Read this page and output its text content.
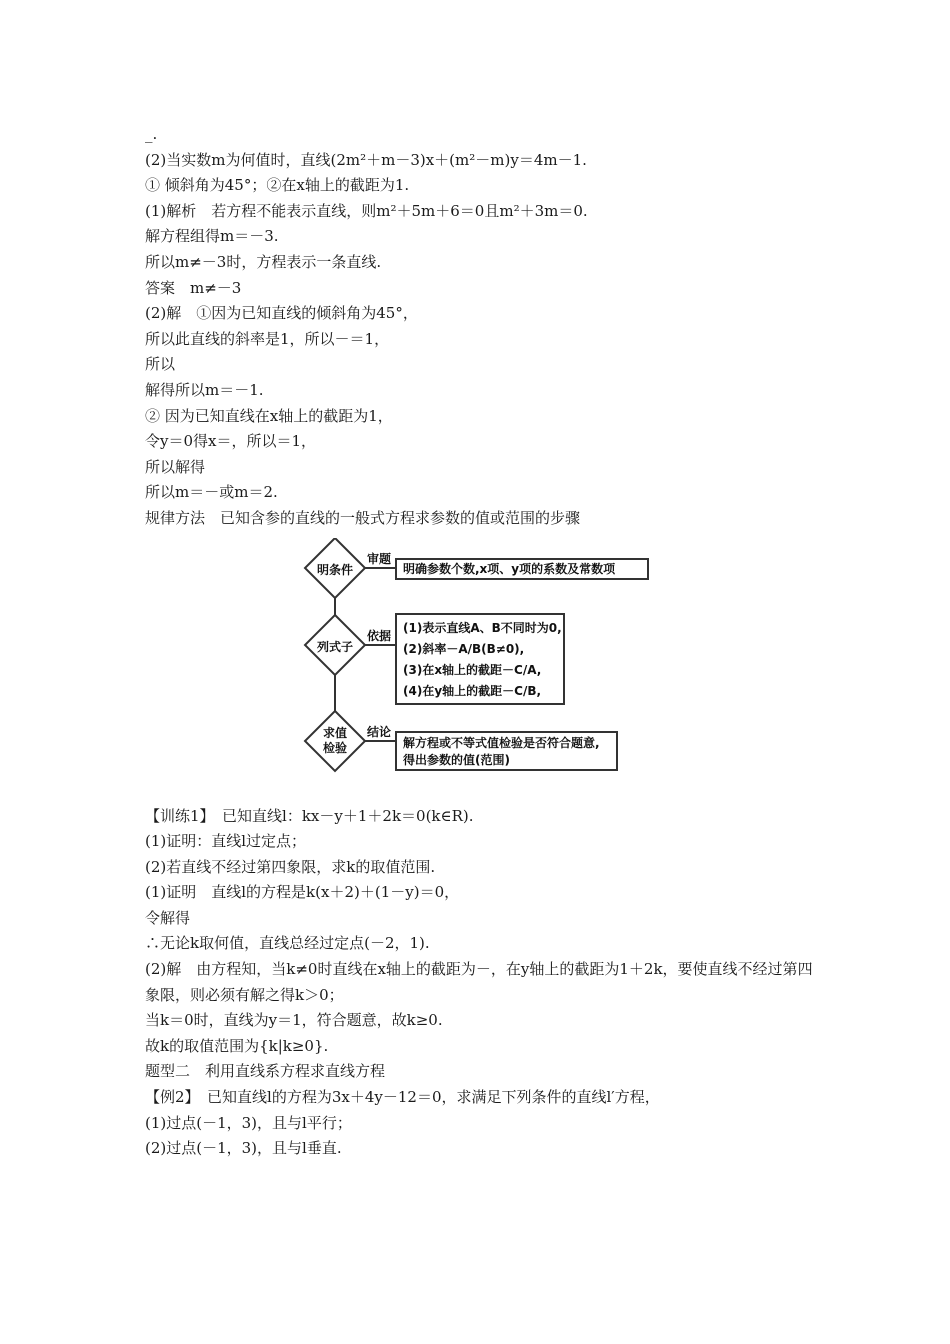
_.
(2)当实数m为何值时，直线(2m²＋m－3)x＋(m²－m)y＝4m－1.
① 倾斜角为45°；②在x轴上的截距为1.
(1)解析　若方程不能表示直线，则m²＋5m＋6＝0且m²＋3m＝0.
解方程组得m＝－3.
所以m≠－3时，方程表示一条直线.
答案　m≠－3
(2)解　①因为已知直线的倾斜角为45°，
所以此直线的斜率是1，所以－＝1，
所以
解得所以m＝－1.
② 因为已知直线在x轴上的截距为1，
令y＝0得x＝，所以＝1，
所以解得
所以m＝－或m＝2.
规律方法　已知含参的直线的一般式方程求参数的值或范围的步骤
明条件
列式子
求值
检验
审题
依据
结论
明确参数个数,x项、y项的系数及常数项
(1)表示直线A、B不同时为0,
(2)斜率－A/B(B≠0),
(3)在x轴上的截距－C/A,
(4)在y轴上的截距－C/B,
解方程或不等式值检验是否符合题意,
得出参数的值(范围)
【训练1】　已知直线l：kx－y＋1＋2k＝0(k∈R).
(1)证明：直线l过定点；
(2)若直线不经过第四象限，求k的取值范围.
(1)证明　直线l的方程是k(x＋2)＋(1－y)＝0，
令解得
∴无论k取何值，直线总经过定点(－2，1).
(2)解　由方程知，当k≠0时直线在x轴上的截距为－，在y轴上的截距为1＋2k，要使直线不经过第四象限，则必须有解之得k＞0；
当k＝0时，直线为y＝1，符合题意，故k≥0.
故k的取值范围为{k|k≥0}.
题型二　利用直线系方程求直线方程
【例2】　已知直线l的方程为3x＋4y－12＝0，求满足下列条件的直线l′方程，
(1)过点(－1，3)，且与l平行；
(2)过点(－1，3)，且与l垂直.
